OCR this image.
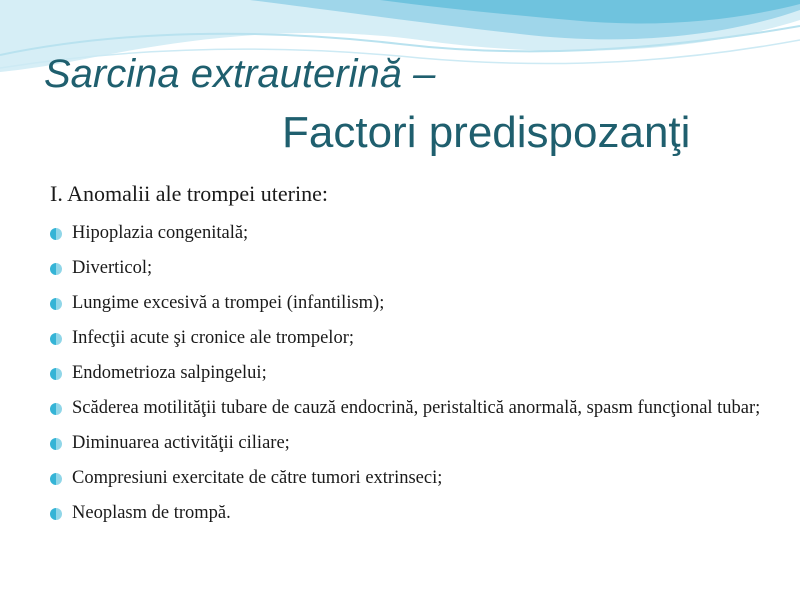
Sarcina extrauterină –
Factori predispozanţi
I. Anomalii ale trompei uterine:
Hipoplazia congenitală;
Diverticol;
Lungime excesivă a trompei (infantilism);
Infecţii acute şi cronice ale trompelor;
Endometrioza salpingelui;
Scăderea motilităţii tubare de cauză endocrină, peristaltică anormală, spasm funcţional tubar;
Diminuarea activităţii ciliare;
Compresiuni exercitate de către tumori extrinseci;
Neoplasm de trompă.
